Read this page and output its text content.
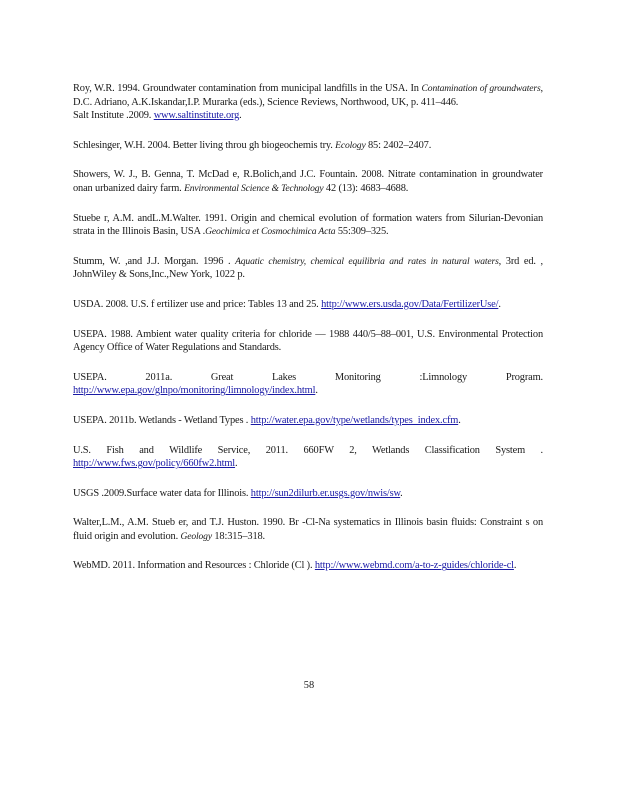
Roy, W.R. 1994. Groundwater contamination from municipal landfills in the USA. In Contamination of groundwaters, D.C. Adriano, A.K.Iskandar,I.P. Murarka (eds.), Science Reviews, Northwood, UK, p. 411–446.

Salt Institute .2009. www.saltinstitute.org.

Schlesinger, W.H. 2004. Better living throu gh biogeochemis try. Ecology 85: 2402–2407.

Showers, W. J., B. Genna, T. McDad e, R.Bolich,and J.C. Fountain. 2008. Nitrate contamination in groundwater onan urbanized dairy farm. Environmental Science & Technology 42 (13): 4683–4688.

Stuebe r, A.M. andL.M.Walter. 1991. Origin and chemical evolution of formation waters from Silurian-Devonian strata in the Illinois Basin, USA .Geochimica et Cosmochimica Acta 55:309–325.

Stumm, W. ,and J.J. Morgan. 1996 . Aquatic chemistry, chemical equilibria and rates in natural waters, 3rd ed. , JohnWiley & Sons,Inc.,New York, 1022 p.

USDA. 2008. U.S. f ertilizer use and price: Tables 13 and 25. http://www.ers.usda.gov/Data/FertilizerUse/.

USEPA. 1988. Ambient water quality criteria for chloride — 1988 440/5–88–001, U.S. Environmental Protection Agency Office of Water Regulations and Standards.

USEPA. 2011a. Great Lakes Monitoring :Limnology Program. http://www.epa.gov/glnpo/monitoring/limnology/index.html.

USEPA. 2011b. Wetlands - Wetland Types . http://water.epa.gov/type/wetlands/types_index.cfm.

U.S. Fish and Wildlife Service, 2011. 660FW 2, Wetlands Classification System . http://www.fws.gov/policy/660fw2.html.

USGS .2009.Surface water data for Illinois. http://sun2dilurb.er.usgs.gov/nwis/sw.

Walter,L.M., A.M. Stueb er, and T.J. Huston. 1990. Br -Cl-Na systematics in Illinois basin fluids: Constraint s on fluid origin and evolution. Geology 18:315–318.

WebMD. 2011. Information and Resources : Chloride (Cl ). http://www.webmd.com/a-to-z-guides/chloride-cl.

58
